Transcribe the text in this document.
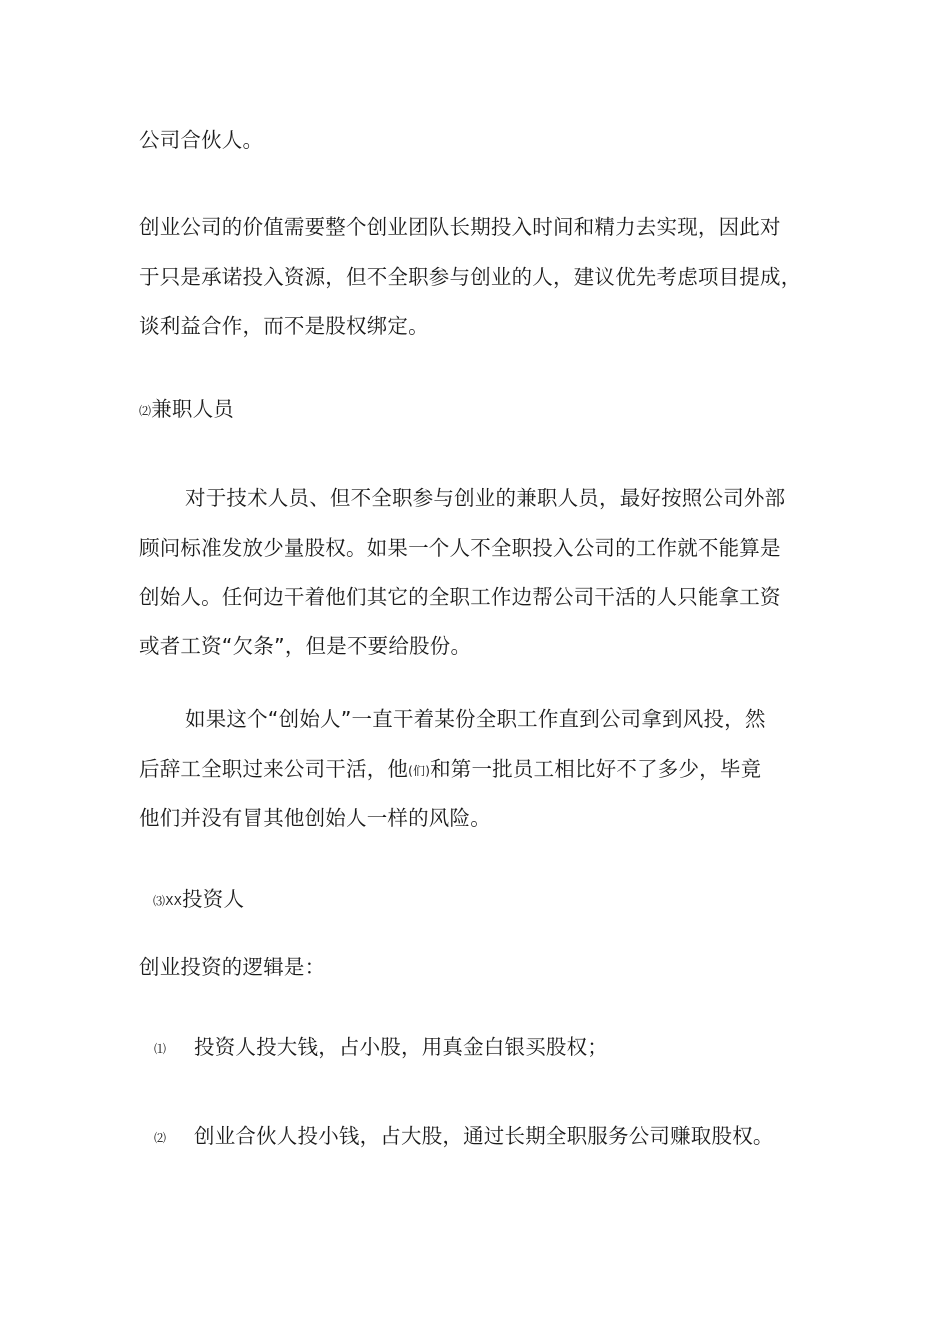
公司合伙人。
创业公司的价值需要整个创业团队长期投入时间和精力去实现，因此对
于只是承诺投入资源，但不全职参与创业的人，建议优先考虑项目提成，
谈利益合作，而不是股权绑定。
⑵兼职人员
对于技术人员、但不全职参与创业的兼职人员，最好按照公司外部
顾问标准发放少量股权。如果一个人不全职投入公司的工作就不能算是
创始人。任何边干着他们其它的全职工作边帮公司干活的人只能拿工资
或者工资“欠条”，但是不要给股份。
如果这个“创始人”一直干着某份全职工作直到公司拿到风投，然
后辞工全职过来公司干活，他(们)和第一批员工相比好不了多少，毕竟
他们并没有冒其他创始人一样的风险。
⑶XX投资人
创业投资的逻辑是：
⑴ 投资人投大钱，占小股，用真金白银买股权；
⑵ 创业合伙人投小钱，占大股，通过长期全职服务公司赚取股权。
